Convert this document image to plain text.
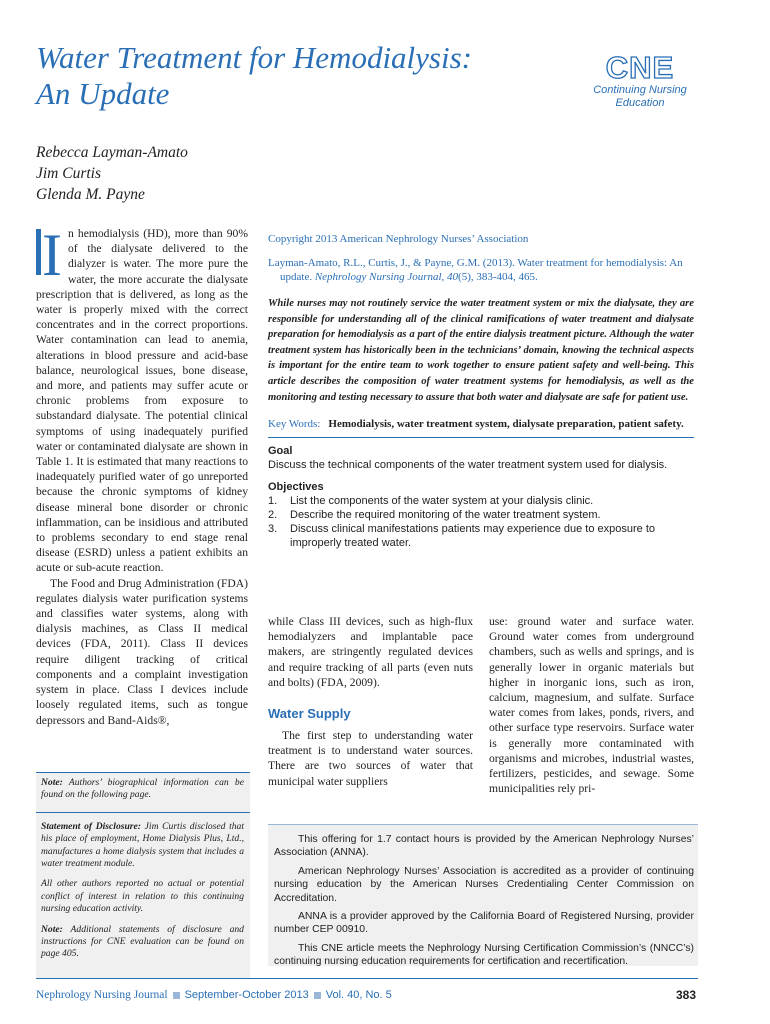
Water Treatment for Hemodialysis:
An Update
CNE
Continuing Nursing
Education
Rebecca Layman-Amato
Jim Curtis
Glenda M. Payne
I n hemodialysis (HD), more than 90% of the dialysate delivered to the dialyzer is water. The more pure the water, the more accurate the dialysate prescription that is delivered, as long as the water is properly mixed with the correct concentrates and in the correct proportions. Water contamination can lead to anemia, alterations in blood pressure and acid-base balance, neurological issues, bone disease, and more, and patients may suffer acute or chronic problems from exposure to substandard dialysate. The potential clinical symptoms of using inadequately purified water or contaminated dialysate are shown in Table 1. It is estimated that many reactions to inadequately purified water of go unreported because the chronic symptoms of kidney disease mineral bone disorder or chronic inflammation, can be insidious and attributed to problems secondary to end stage renal disease (ESRD) unless a patient exhibits an acute or sub-acute reaction.

The Food and Drug Administration (FDA) regulates dialysis water purification systems and classifies water systems, along with dialysis machines, as Class II medical devices (FDA, 2011). Class II devices require diligent tracking of critical components and a complaint investigation system in place. Class I devices include loosely regulated items, such as tongue depressors and Band-Aids®,

Copyright 2013 American Nephrology Nurses’ Association

Layman-Amato, R.L., Curtis, J., & Payne, G.M. (2013). Water treatment for hemodialysis: An update. Nephrology Nursing Journal, 40(5), 383-404, 465.

While nurses may not routinely service the water treatment system or mix the dialysate, they are responsible for understanding all of the clinical ramifications of water treatment and dialysate preparation for hemodialysis as a part of the entire dialysis treatment picture. Although the water treatment system has historically been in the technicians’ domain, knowing the technical aspects is important for the entire team to work together to ensure patient safety and well-being. This article describes the composition of water treatment systems for hemodialysis, as well as the monitoring and testing necessary to assure that both water and dialysate are safe for patient use.

Key Words: Hemodialysis, water treatment system, dialysate preparation, patient safety.

Goal

Discuss the technical components of the water treatment system used for dialysis.

Objectives

1. List the components of the water system at your dialysis clinic.
2. Describe the required monitoring of the water treatment system.
3. Discuss clinical manifestations patients may experience due to exposure to improperly treated water.

while Class III devices, such as high-flux hemodialyzers and implantable pace makers, are stringently regulated devices and require tracking of all parts (even nuts and bolts) (FDA, 2009).

Water Supply

The first step to understanding water treatment is to understand water sources. There are two sources of water that municipal water suppliers

use: ground water and surface water. Ground water comes from underground chambers, such as wells and springs, and is generally lower in organic materials but higher in inorganic ions, such as iron, calcium, magnesium, and sulfate. Surface water comes from lakes, ponds, rivers, and other surface type reservoirs. Surface water is generally more contaminated with organisms and microbes, industrial wastes, fertilizers, pesticides, and sewage. Some municipalities rely pri-

Note: Authors’ biographical information can be found on the following page.

Statement of Disclosure: Jim Curtis disclosed that his place of employment, Home Dialysis Plus, Ltd., manufactures a home dialysis system that includes a water treatment module.

All other authors reported no actual or potential conflict of interest in relation to this continuing nursing education activity.

Note: Additional statements of disclosure and instructions for CNE evaluation can be found on page 405.

This offering for 1.7 contact hours is provided by the American Nephrology Nurses’ Association (ANNA).

American Nephrology Nurses’ Association is accredited as a provider of continuing nursing education by the American Nurses Credentialing Center Commission on Accreditation.

ANNA is a provider approved by the California Board of Registered Nursing, provider number CEP 00910.

This CNE article meets the Nephrology Nursing Certification Commission’s (NNCC’s) continuing nursing education requirements for certification and recertification.

Nephrology Nursing Journal September-October 2013 Vol. 40, No. 5	383
